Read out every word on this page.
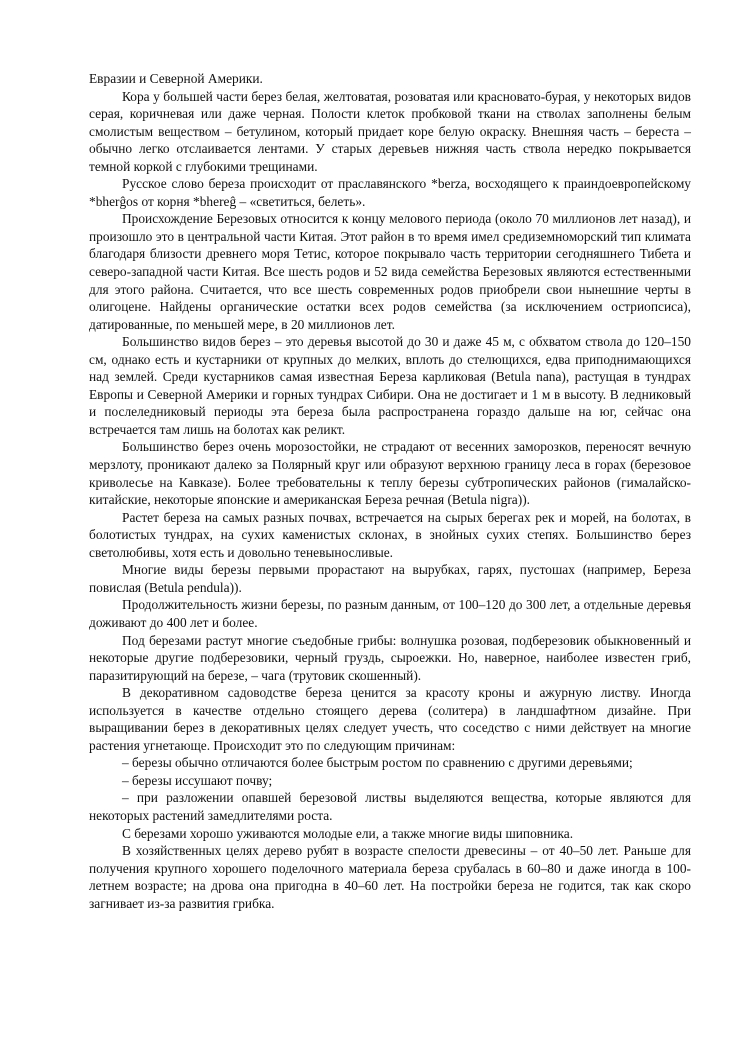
Евразии и Северной Америки.

Кора у большей части берез белая, желтоватая, розоватая или красновато-бурая, у некоторых видов серая, коричневая или даже черная. Полости клеток пробковой ткани на стволах заполнены белым смолистым веществом – бетулином, который придает коре белую окраску. Внешняя часть – береста – обычно легко отслаивается лентами. У старых деревьев нижняя часть ствола нередко покрывается темной коркой с глубокими трещинами.

Русское слово береза происходит от праславянского *berza, восходящего к праиндоевропейскому *bherĝos от корня *bhereĝ – «светиться, белеть».

Происхождение Березовых относится к концу мелового периода (около 70 миллионов лет назад), и произошло это в центральной части Китая. Этот район в то время имел средиземноморский тип климата благодаря близости древнего моря Тетис, которое покрывало часть территории сегодняшнего Тибета и северо-западной части Китая. Все шесть родов и 52 вида семейства Березовых являются естественными для этого района. Считается, что все шесть современных родов приобрели свои нынешние черты в олигоцене. Найдены органические остатки всех родов семейства (за исключением остриопсиса), датированные, по меньшей мере, в 20 миллионов лет.

Большинство видов берез – это деревья высотой до 30 и даже 45 м, с обхватом ствола до 120–150 см, однако есть и кустарники от крупных до мелких, вплоть до стелющихся, едва приподнимающихся над землей. Среди кустарников самая известная Береза карликовая (Betula nana), растущая в тундрах Европы и Северной Америки и горных тундрах Сибири. Она не достигает и 1 м в высоту. В ледниковый и послеледниковый периоды эта береза была распространена гораздо дальше на юг, сейчас она встречается там лишь на болотах как реликт.

Большинство берез очень морозостойки, не страдают от весенних заморозков, переносят вечную мерзлоту, проникают далеко за Полярный круг или образуют верхнюю границу леса в горах (березовое криволесье на Кавказе). Более требовательны к теплу березы субтропических районов (гималайско-китайские, некоторые японские и американская Береза речная (Betula nigra)).

Растет береза на самых разных почвах, встречается на сырых берегах рек и морей, на болотах, в болотистых тундрах, на сухих каменистых склонах, в знойных сухих степях. Большинство берез светолюбивы, хотя есть и довольно теневыносливые.

Многие виды березы первыми прорастают на вырубках, гарях, пустошах (например, Береза повислая (Betula pendula)).

Продолжительность жизни березы, по разным данным, от 100–120 до 300 лет, а отдельные деревья доживают до 400 лет и более.

Под березами растут многие съедобные грибы: волнушка розовая, подберезовик обыкновенный и некоторые другие подберезовики, черный груздь, сыроежки. Но, наверное, наиболее известен гриб, паразитирующий на березе, – чага (трутовик скошенный).

В декоративном садоводстве береза ценится за красоту кроны и ажурную листву. Иногда используется в качестве отдельно стоящего дерева (солитера) в ландшафтном дизайне. При выращивании берез в декоративных целях следует учесть, что соседство с ними действует на многие растения угнетающе. Происходит это по следующим причинам:

– березы обычно отличаются более быстрым ростом по сравнению с другими деревьями;

– березы иссушают почву;

– при разложении опавшей березовой листвы выделяются вещества, которые являются для некоторых растений замедлителями роста.

С березами хорошо уживаются молодые ели, а также многие виды шиповника.

В хозяйственных целях дерево рубят в возрасте спелости древесины – от 40–50 лет. Раньше для получения крупного хорошего поделочного материала береза срубалась в 60–80 и даже иногда в 100-летнем возрасте; на дрова она пригодна в 40–60 лет. На постройки береза не годится, так как скоро загнивает из-за развития грибка.
